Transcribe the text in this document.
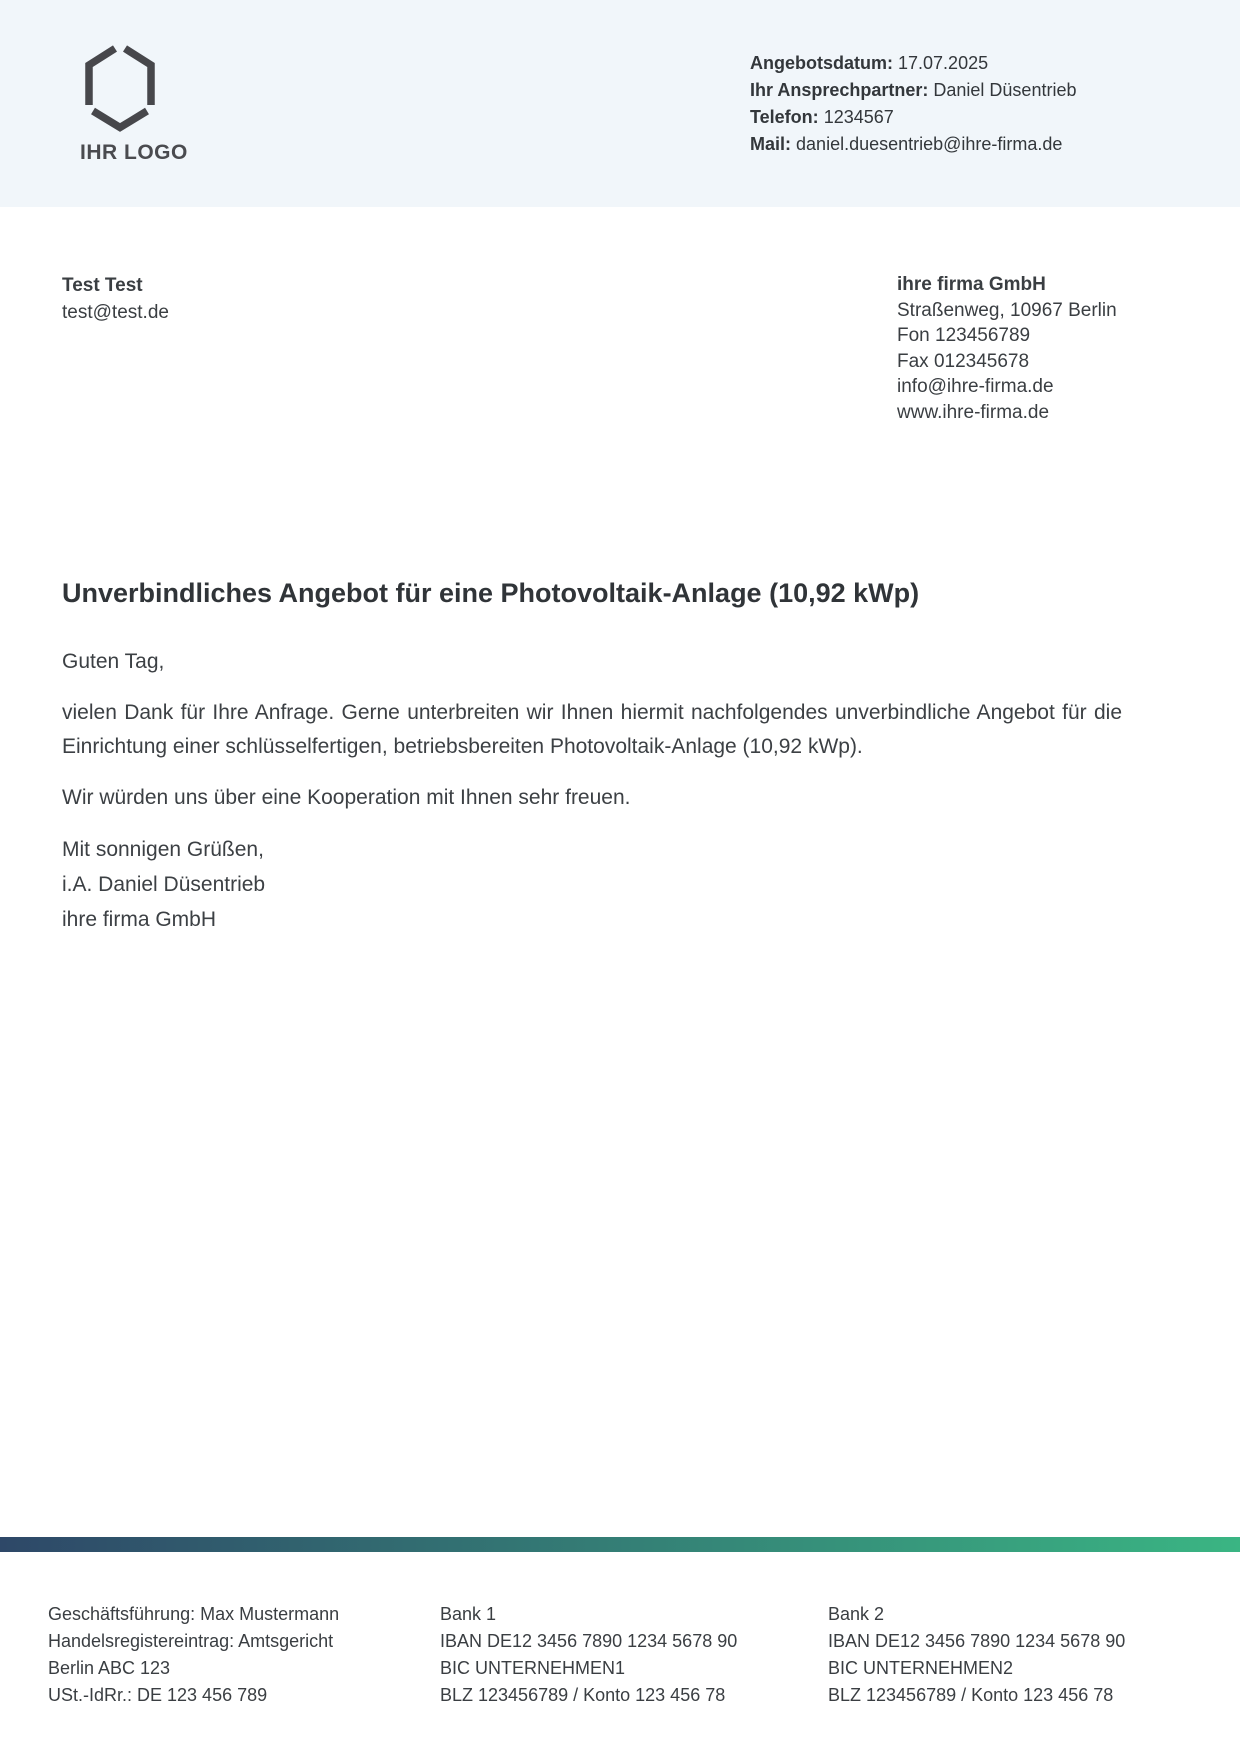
IHR LOGO
Angebotsdatum: 17.07.2025
Ihr Ansprechpartner: Daniel Düsentrieb
Telefon: 1234567
Mail: daniel.duesentrieb@ihre-firma.de
Test Test
test@test.de
ihre firma GmbH
Straßenweg, 10967 Berlin
Fon 123456789
Fax 012345678
info@ihre-firma.de
www.ihre-firma.de
Unverbindliches Angebot für eine Photovoltaik-Anlage (10,92 kWp)

Guten Tag,

vielen Dank für Ihre Anfrage. Gerne unterbreiten wir Ihnen hiermit nachfolgendes unverbindliche Angebot für die Einrichtung einer schlüsselfertigen, betriebsbereiten Photovoltaik-Anlage (10,92 kWp).

Wir würden uns über eine Kooperation mit Ihnen sehr freuen.

Mit sonnigen Grüßen,
i.A. Daniel Düsentrieb
ihre firma GmbH
Geschäftsführung: Max Mustermann
Handelsregistereintrag: Amtsgericht
Berlin ABC 123
USt.-IdRr.: DE 123 456 789
Bank 1
IBAN DE12 3456 7890 1234 5678 90
BIC UNTERNEHMEN1
BLZ 123456789 / Konto 123 456 78
Bank 2
IBAN DE12 3456 7890 1234 5678 90
BIC UNTERNEHMEN2
BLZ 123456789 / Konto 123 456 78
